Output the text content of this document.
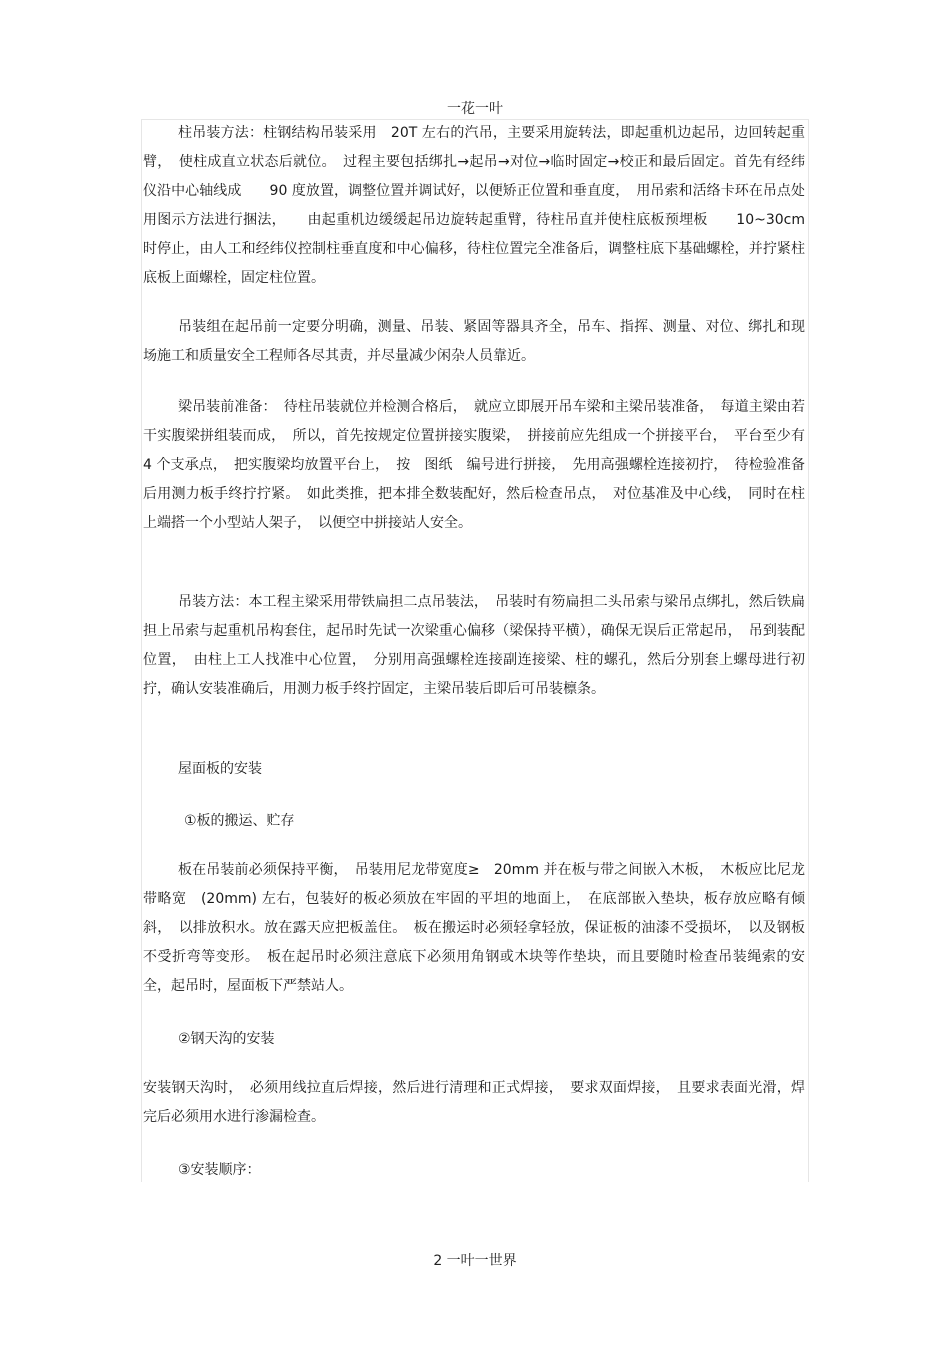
一花一叶
柱吊装方法：柱钢结构吊装采用　20T 左右的汽吊，主要采用旋转法，即起重机边起吊，边回转起重臂，　使柱成直立状态后就位。　过程主要包括绑扎→起吊→对位→临时固定→校正和最后固定。首先有经纬仪沿中心轴线成　　90 度放置，调整位置并调试好，以便矫正位置和垂直度，　用吊索和活络卡环在吊点处用图示方法进行捆法，　　由起重机边缓缓起吊边旋转起重臂，待柱吊直并使柱底板预埋板　　10~30cm时停止，由人工和经纬仪控制柱垂直度和中心偏移，待柱位置完全准备后，调整柱底下基础螺栓，并拧紧柱底板上面螺栓，固定柱位置。
吊装组在起吊前一定要分明确，测量、吊装、紧固等器具齐全，吊车、指挥、测量、对位、绑扎和现场施工和质量安全工程师各尽其责，并尽量减少闲杂人员靠近。
梁吊装前准备：　待柱吊装就位并检测合格后，　就应立即展开吊车梁和主梁吊装准备，　每道主梁由若干实腹梁拼组装而成，　所以，首先按规定位置拼接实腹梁，　拼接前应先组成一个拼接平台，　平台至少有　4 个支承点，　把实腹梁均放置平台上，　按　图纸　编号进行拼接，　先用高强螺栓连接初拧，　待检验准备后用测力板手终拧拧紧。　如此类推，把本排全数装配好，然后检查吊点，　对位基准及中心线，　同时在柱上端搭一个小型站人架子，　以便空中拼接站人安全。
吊装方法：本工程主梁采用带铁扁担二点吊装法，　吊装时有笏扁担二头吊索与梁吊点绑扎，然后铁扁担上吊索与起重机吊构套住，起吊时先试一次梁重心偏移（梁保持平横），确保无误后正常起吊，　吊到装配位置，　由柱上工人找准中心位置，　分别用高强螺栓连接副连接梁、柱的螺孔，然后分别套上螺母进行初拧，确认安装准确后，用测力板手终拧固定，主梁吊装后即后可吊装檩条。
屋面板的安装
①板的搬运、贮存
板在吊装前必须保持平衡，　吊装用尼龙带宽度≥　20mm 并在板与带之间嵌入木板，　木板应比尼龙带略宽　(20mm) 左右，包装好的板必须放在牢固的平坦的地面上，　在底部嵌入垫块，板存放应略有倾斜，　以排放积水。放在露天应把板盖住。　板在搬运时必须轻拿轻放，保证板的油漆不受损坏，　以及钢板不受折弯等变形。　板在起吊时必须注意底下必须用角钢或木块等作垫块，而且要随时检查吊装绳索的安全，起吊时，屋面板下严禁站人。
②钢天沟的安装
安装钢天沟时，　必须用线拉直后焊接，然后进行清理和正式焊接，　要求双面焊接，　且要求表面光滑，焊完后必须用水进行渗漏检查。
③安装顺序：
2 一叶一世界
